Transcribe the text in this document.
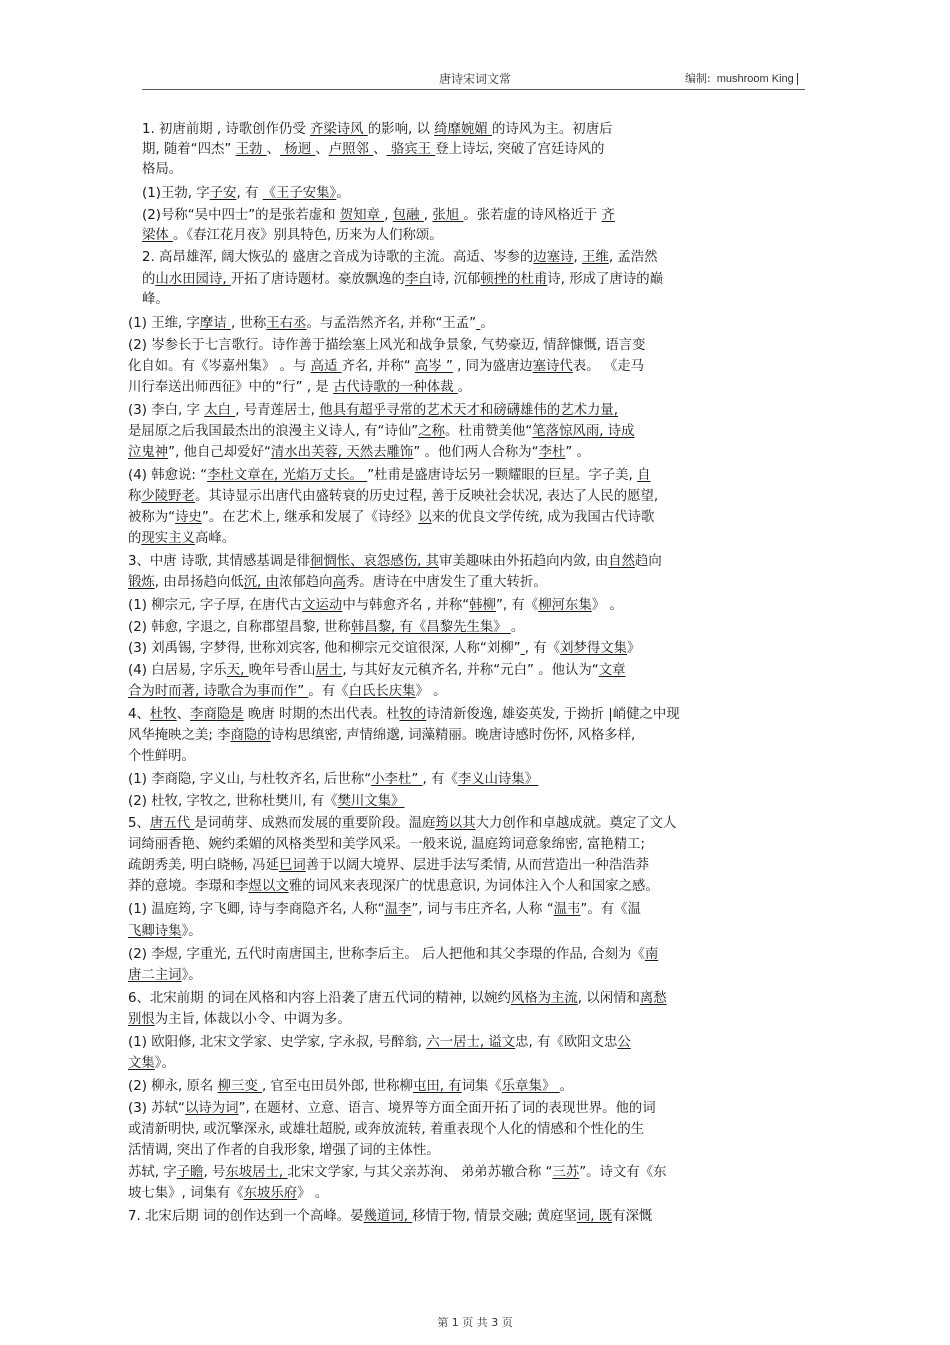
唐诗宋词文常	编制: mushroom King
1. 初唐前期 , 诗歌创作仍受 齐梁诗风 的影响, 以 绮靡婉媚 的诗风为主。初唐后
期, 随着“四杰” 王勃 、 杨迥 、卢照邻 、 骆宾王 登上诗坛, 突破了宫廷诗风的
格局。
(1)王勃, 字子安, 有 《王子安集》。
(2)号称“吴中四士”的是张若虚和 贺知章 , 包融 , 张旭 。张若虚的诗风格近于 齐
梁体 。《春江花月夜》别具特色, 历来为人们称颂。
2. 高昂雄浑, 阔大恢弘的 盛唐之音成为诗歌的主流。高适、岑参的边塞诗, 王维, 孟浩然
的山水田园诗, 开拓了唐诗题材。豪放飘逸的李白诗, 沉郁顿挫的杜甫诗, 形成了唐诗的巅
峰。
(1) 王维, 字摩诘 , 世称王右丞。与孟浩然齐名, 并称“王孟” 。
(2) 岑参长于七言歌行。诗作善于描绘塞上风光和战争景象, 气势豪迈, 情辞慷慨, 语言变
化自如。有《岑嘉州集》 。与 高适 齐名, 并称“ 高岑 ” , 同为盛唐边塞诗代表。 《走马
川行奉送出师西征》中的“行” , 是 古代诗歌的一种体裁 。
(3) 李白, 字 太白 , 号青莲居士, 他具有超乎寻常的艺术天才和磅礴雄伟的艺术力量,
是屈原之后我国最杰出的浪漫主义诗人, 有“诗仙”之称。杜甫赞美他“笔落惊风雨, 诗成
泣鬼神”, 他自己却爱好“清水出芙蓉, 天然去雕饰” 。他们两人合称为“李杜” 。
(4) 韩愈说: “李杜文章在, 光焰万丈长。 ”杜甫是盛唐诗坛另一颗耀眼的巨星。字子美, 自
称少陵野老。其诗显示出唐代由盛转衰的历史过程, 善于反映社会状况, 表达了人民的愿望,
被称为“诗史”。在艺术上, 继承和发展了《诗经》以来的优良文学传统, 成为我国古代诗歌
的现实主义高峰。
3、中唐 诗歌, 其情感基调是徘徊惆怅、哀怨感伤, 其审美趣味由外拓趋向内敛, 由自然趋向
锻炼, 由昂扬趋向低沉, 由浓郁趋向高秀。唐诗在中唐发生了重大转折。
(1) 柳宗元, 字子厚, 在唐代古文运动中与韩愈齐名 , 并称“韩柳”, 有《柳河东集》 。
(2) 韩愈, 字退之, 自称郡望昌黎, 世称韩昌黎, 有《昌黎先生集》 。
(3) 刘禹锡, 字梦得, 世称刘宾客, 他和柳宗元交谊很深, 人称“刘柳” , 有《刘梦得文集》
(4) 白居易, 字乐天, 晚年号香山居士, 与其好友元稹齐名, 并称“元白” 。他认为“文章
合为时而著, 诗歌合为事而作” 。有《白氏长庆集》 。
4、杜牧、李商隐是 晚唐 时期的杰出代表。杜牧的诗清新俊逸, 雄姿英发, 于拗折 |峭健之中现
风华掩映之美; 李商隐的诗构思缜密, 声情绵邈, 词藻精丽。晚唐诗感时伤怀, 风格多样,
个性鲜明。
(1) 李商隐, 字义山, 与杜牧齐名, 后世称“小李杜” , 有《李义山诗集》
(2) 杜牧, 字牧之, 世称杜樊川, 有《樊川文集》
5、唐五代 是词萌芽、成熟而发展的重要阶段。温庭筠以其大力创作和卓越成就。奠定了文人
词绮丽香艳、婉约柔媚的风格类型和美学风采。一般来说, 温庭筠词意象绵密, 富艳精工;
疏朗秀美, 明白晓畅, 冯延巳词善于以阔大境界、层进手法写柔情, 从而营造出一种浩浩莽
莽的意境。李璟和李煜以文雅的词风来表现深广的忧患意识, 为词体注入个人和国家之感。
(1) 温庭筠, 字飞卿, 诗与李商隐齐名, 人称“温李”, 词与韦庄齐名, 人称 “温韦”。有《温
飞卿诗集》。
(2) 李煜, 字重光, 五代时南唐国主, 世称李后主。 后人把他和其父李璟的作品, 合刻为《南
唐二主词》。
6、北宋前期 的词在风格和内容上沿袭了唐五代词的精神, 以婉约风格为主流, 以闲情和离愁
别恨为主旨, 体裁以小令、中调为多。
(1) 欧阳修, 北宋文学家、史学家, 字永叔, 号醉翁, 六一居士, 谥文忠, 有《欧阳文忠公
文集》。
(2) 柳永, 原名 柳三变 , 官至屯田员外郎, 世称柳屯田, 有词集《乐章集》 。
(3) 苏轼“以诗为词”, 在题材、立意、语言、境界等方面全面开拓了词的表现世界。他的词
或清新明快, 或沉擎深永, 或雄壮超脱, 或奔放流转, 着重表现个人化的情感和个性化的生
活情调, 突出了作者的自我形象, 增强了词的主体性。
苏轼, 字子瞻, 号东坡居士, 北宋文学家, 与其父亲苏洵、 弟弟苏辙合称 “三苏”。诗文有《东
坡七集》, 词集有《东坡乐府》 。
7. 北宋后期 词的创作达到一个高峰。晏幾道词, 移情于物, 情景交融; 黄庭坚词, 既有深慨
第 1 页 共 3 页
